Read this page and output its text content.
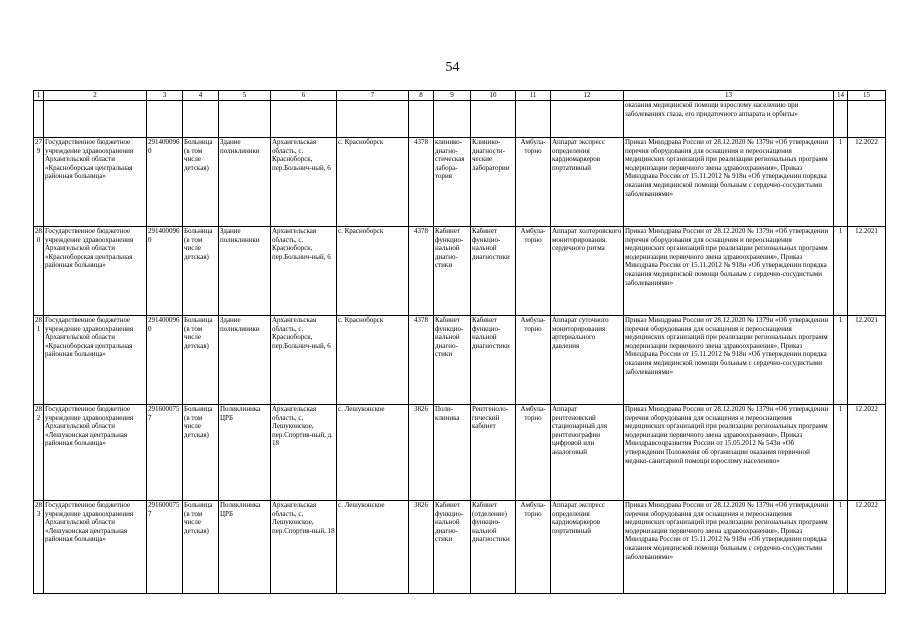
54
1	2	3	4	5	6	7	8	9	10	11	12	13	14	15
												оказания медицинской помощи взрослому населению при заболеваниях глаза, его придаточного аппарата и орбиты»		
279	Государственное бюджетное учреждение здравоохранения Архангельской области «Красноборская центральная районная больница»	2914000960	Больница (в том числе детская)	Здание поликлиники	Архангельская область, с. Красноборск, пер.Больнич-ный, 6	с. Красноборск	4378	клинико-диагно-стическая лабора-тория	Клинико-диагности-ческие лаборатории	Амбула-торно	Аппарат экспресс определения кардиомаркеров портативный	Приказ Минздрава России от 28.12.2020 № 1379н «Об утверждении перечня оборудования для оснащения и переоснащения медицинских организаций при реализации региональных программ модернизации первичного звена здравоохранения», Приказ Минздрава России от 15.11.2012 № 918н «Об утверждении порядка оказания медицинской помощи больным с сердечно-сосудистыми заболеваниями»	1	12.2022
280	Государственное бюджетное учреждение здравоохранения Архангельской области «Красноборская центральная районная больница»	2914000960	Больница (в том числе детская)	Здание поликлиники	Архангельская область, с. Красноборск, пер.Больнич-ный, 6	с. Красноборск	4378	Кабинет функцио-нальной диагно-стики	Кабинет функцио-нальной диагностики	Амбула-торно	Аппарат холтеровского мониторирования сердечного ритма	Приказ Минздрава России от 28.12.2020 № 1379н «Об утверждении перечня оборудования для оснащения и переоснащения медицинских организаций при реализации региональных программ модернизации первичного звена здравоохранения», Приказ Минздрава России от 15.11.2012 № 918н «Об утверждении порядка оказания медицинской помощи больным с сердечно-сосудистыми заболеваниями»	1	12.2021
281	Государственное бюджетное учреждение здравоохранения Архангельской области «Красноборская центральная районная больница»	2914000960	Больница (в том числе детская)	Здание поликлиники	Архангельская область, с. Красноборск, пер.Больнич-ный, 6	с. Красноборск	4378	Кабинет функцио-нальной диагно-стики	Кабинет функцио-нальной диагностики	Амбула-торно	Аппарат суточного мониторирования артериального давления	Приказ Минздрава России от 28.12.2020 № 1379н «Об утверждении перечня оборудования для оснащения и переоснащения медицинских организаций при реализации региональных программ модернизации первичного звена здравоохранения», Приказ Минздрава России от 15.11.2012 № 918н «Об утверждении порядка оказания медицинской помощи больным с сердечно-сосудистыми заболеваниями»	1	12.2021
282	Государственное бюджетное учреждение здравоохранения Архангельской области «Лешуконская центральная районная больница»	2916000757	Больница (в том числе детская)	Поликлиника ЦРБ	Архангельская область, с. Лешуконское, пер.Спортив-ный, д. 18	с. Лешуконское	3826	Поли-клиника	Рентгеноло-гический кабинет	Амбула-торно	Аппарат рентгеновский стационарный для рентгенографии цифровой или аналоговый	Приказ Минздрава России от 28.12.2020 № 1379н «Об утверждении перечня оборудования для оснащения и переоснащения медицинских организаций при реализации региональных программ модернизации первичного звена здравоохранения», Приказ Минздравсоцразвития России от 15.05.2012 № 543н «Об утверждении Положения об организации оказания первичной медико-санитарной помощи взрослому населению»	1	12.2022
283	Государственное бюджетное учреждение здравоохранения Архангельской области «Лешуконская центральная районная больница»	2916000757	Больница (в том числе детская)	Поликлиника ЦРБ	Архангельская область, с. Лешуконское, пер.Спортив-ный, 18	с. Лешуконское	3826	Кабинет функцио-нальной диагно-стики	Кабинет (отделение) функцио-нальной диагностики	Амбула-торно	Аппарат экспресс определения кардиомаркеров портативный	Приказ Минздрава России от 28.12.2020 № 1379н «Об утверждении перечня оборудования для оснащения и переоснащения медицинских организаций при реализации региональных программ модернизации первичного звена здравоохранения», Приказ Минздрава России от 15.11.2012 № 918н «Об утверждении порядка оказания медицинской помощи больным с сердечно-сосудистыми заболеваниями»	1	12.2022
